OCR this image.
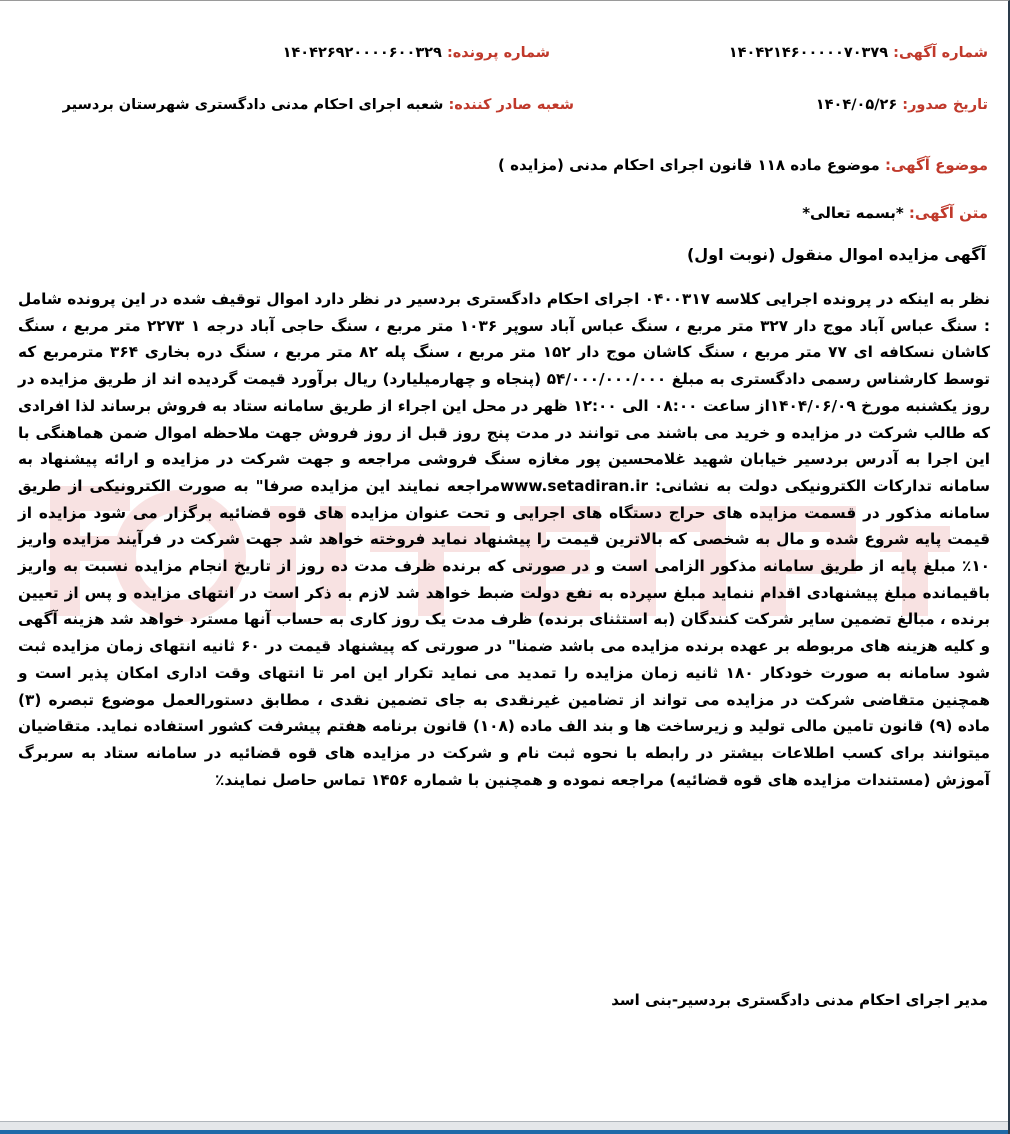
شماره آگهی: ۱۴۰۴۲۱۴۶۰۰۰۰۰۷۰۳۷۹
شماره پرونده: ۱۴۰۴۲۶۹۲۰۰۰۰۶۰۰۳۲۹
تاریخ صدور: ۱۴۰۴/۰۵/۲۶
شعبه صادر کننده: شعبه اجرای احکام مدنی دادگستری شهرستان بردسیر
موضوع آگهی: موضوع ماده ۱۱۸ قانون اجرای احکام مدنی (مزایده )
متن آگهی: *بسمه تعالی*
آگهی مزایده اموال منقول (نوبت اول)

نظر به اینکه در پرونده اجرایی کلاسه ۰۴۰۰۳۱۷ اجرای احکام دادگستری بردسیر در نظر دارد اموال توقیف شده در این پرونده شامل : سنگ عباس آباد موج دار ۳۲۷ متر مربع ، سنگ عباس آباد سوپر ۱۰۳۶ متر مربع ، سنگ حاجی آباد درجه ۱ ۲۲۷۳ متر مربع ، سنگ کاشان نسکافه ای ۷۷ متر مربع ، سنگ کاشان موج دار ۱۵۲ متر مربع ، سنگ پله ۸۲ متر مربع ، سنگ دره بخاری ۳۶۴ مترمربع که توسط کارشناس رسمی دادگستری به مبلغ ۵۴/۰۰۰/۰۰۰/۰۰۰ (پنجاه و چهارمیلیارد) ریال برآورد قیمت گردیده اند از طریق مزایده در روز یکشنبه مورخ ۱۴۰۴/۰۶/۰۹از ساعت ۰۸:۰۰ الی ۱۲:۰۰ ظهر در محل این اجراء از طریق سامانه ستاد به فروش برساند لذا افرادی که طالب شرکت در مزایده و خرید می باشند می توانند در مدت پنج روز قبل از روز فروش جهت ملاحظه اموال ضمن هماهنگی با این اجرا به آدرس بردسیر خیابان شهید غلامحسین پور مغازه سنگ فروشی مراجعه و جهت شرکت در مزایده و ارائه پیشنهاد به سامانه تدارکات الکترونیکی دولت به نشانی: www.setadiran.irمراجعه نمایند این مزایده صرفا" به صورت الکترونیکی از طریق سامانه مذکور در قسمت مزایده های حراج دستگاه های اجرایی و تحت عنوان مزایده های قوه قضائیه برگزار می شود مزایده از قیمت پایه شروع شده و مال به شخصی که بالاترین قیمت را پیشنهاد نماید فروخته خواهد شد جهت شرکت در فرآیند مزایده واریز ۱۰٪ مبلغ پایه از طریق سامانه مذکور الزامی است و در صورتی که برنده ظرف مدت ده روز از تاریخ انجام مزایده نسبت به واریز باقیمانده مبلغ پیشنهادی اقدام ننماید مبلغ سپرده به نفع دولت ضبط خواهد شد لازم به ذکر است در انتهای مزایده و پس از تعیین برنده ، مبالغ تضمین سایر شرکت کنندگان (به استثنای برنده) ظرف مدت یک روز کاری به حساب آنها مسترد خواهد شد هزینه آگهی و کلیه هزینه های مربوطه بر عهده برنده مزایده می باشد ضمنا" در صورتی که پیشنهاد قیمت در ۶۰ ثانیه انتهای زمان مزایده ثبت شود سامانه به صورت خودکار ۱۸۰ ثانیه زمان مزایده را تمدید می نماید تکرار این امر تا انتهای وقت اداری امکان پذیر است و همچنین متقاضی شرکت در مزایده می تواند از تضامین غیرنقدی به جای تضمین نقدی ، مطابق دستورالعمل موضوع تبصره (۳) ماده (۹) قانون تامین مالی تولید و زیرساخت ها و بند الف ماده (۱۰۸) قانون برنامه هفتم پیشرفت کشور استفاده نماید. متقاضیان میتوانند برای کسب اطلاعات بیشتر در رابطه با نحوه ثبت نام و شرکت در مزایده های قوه قضائیه در سامانه ستاد به سربرگ آموزش (مستندات مزایده های قوه قضائیه) مراجعه نموده و همچنین با شماره ۱۴۵۶ تماس حاصل نمایند٪

مدیر اجرای احکام مدنی دادگستری بردسیر-بنی اسد
